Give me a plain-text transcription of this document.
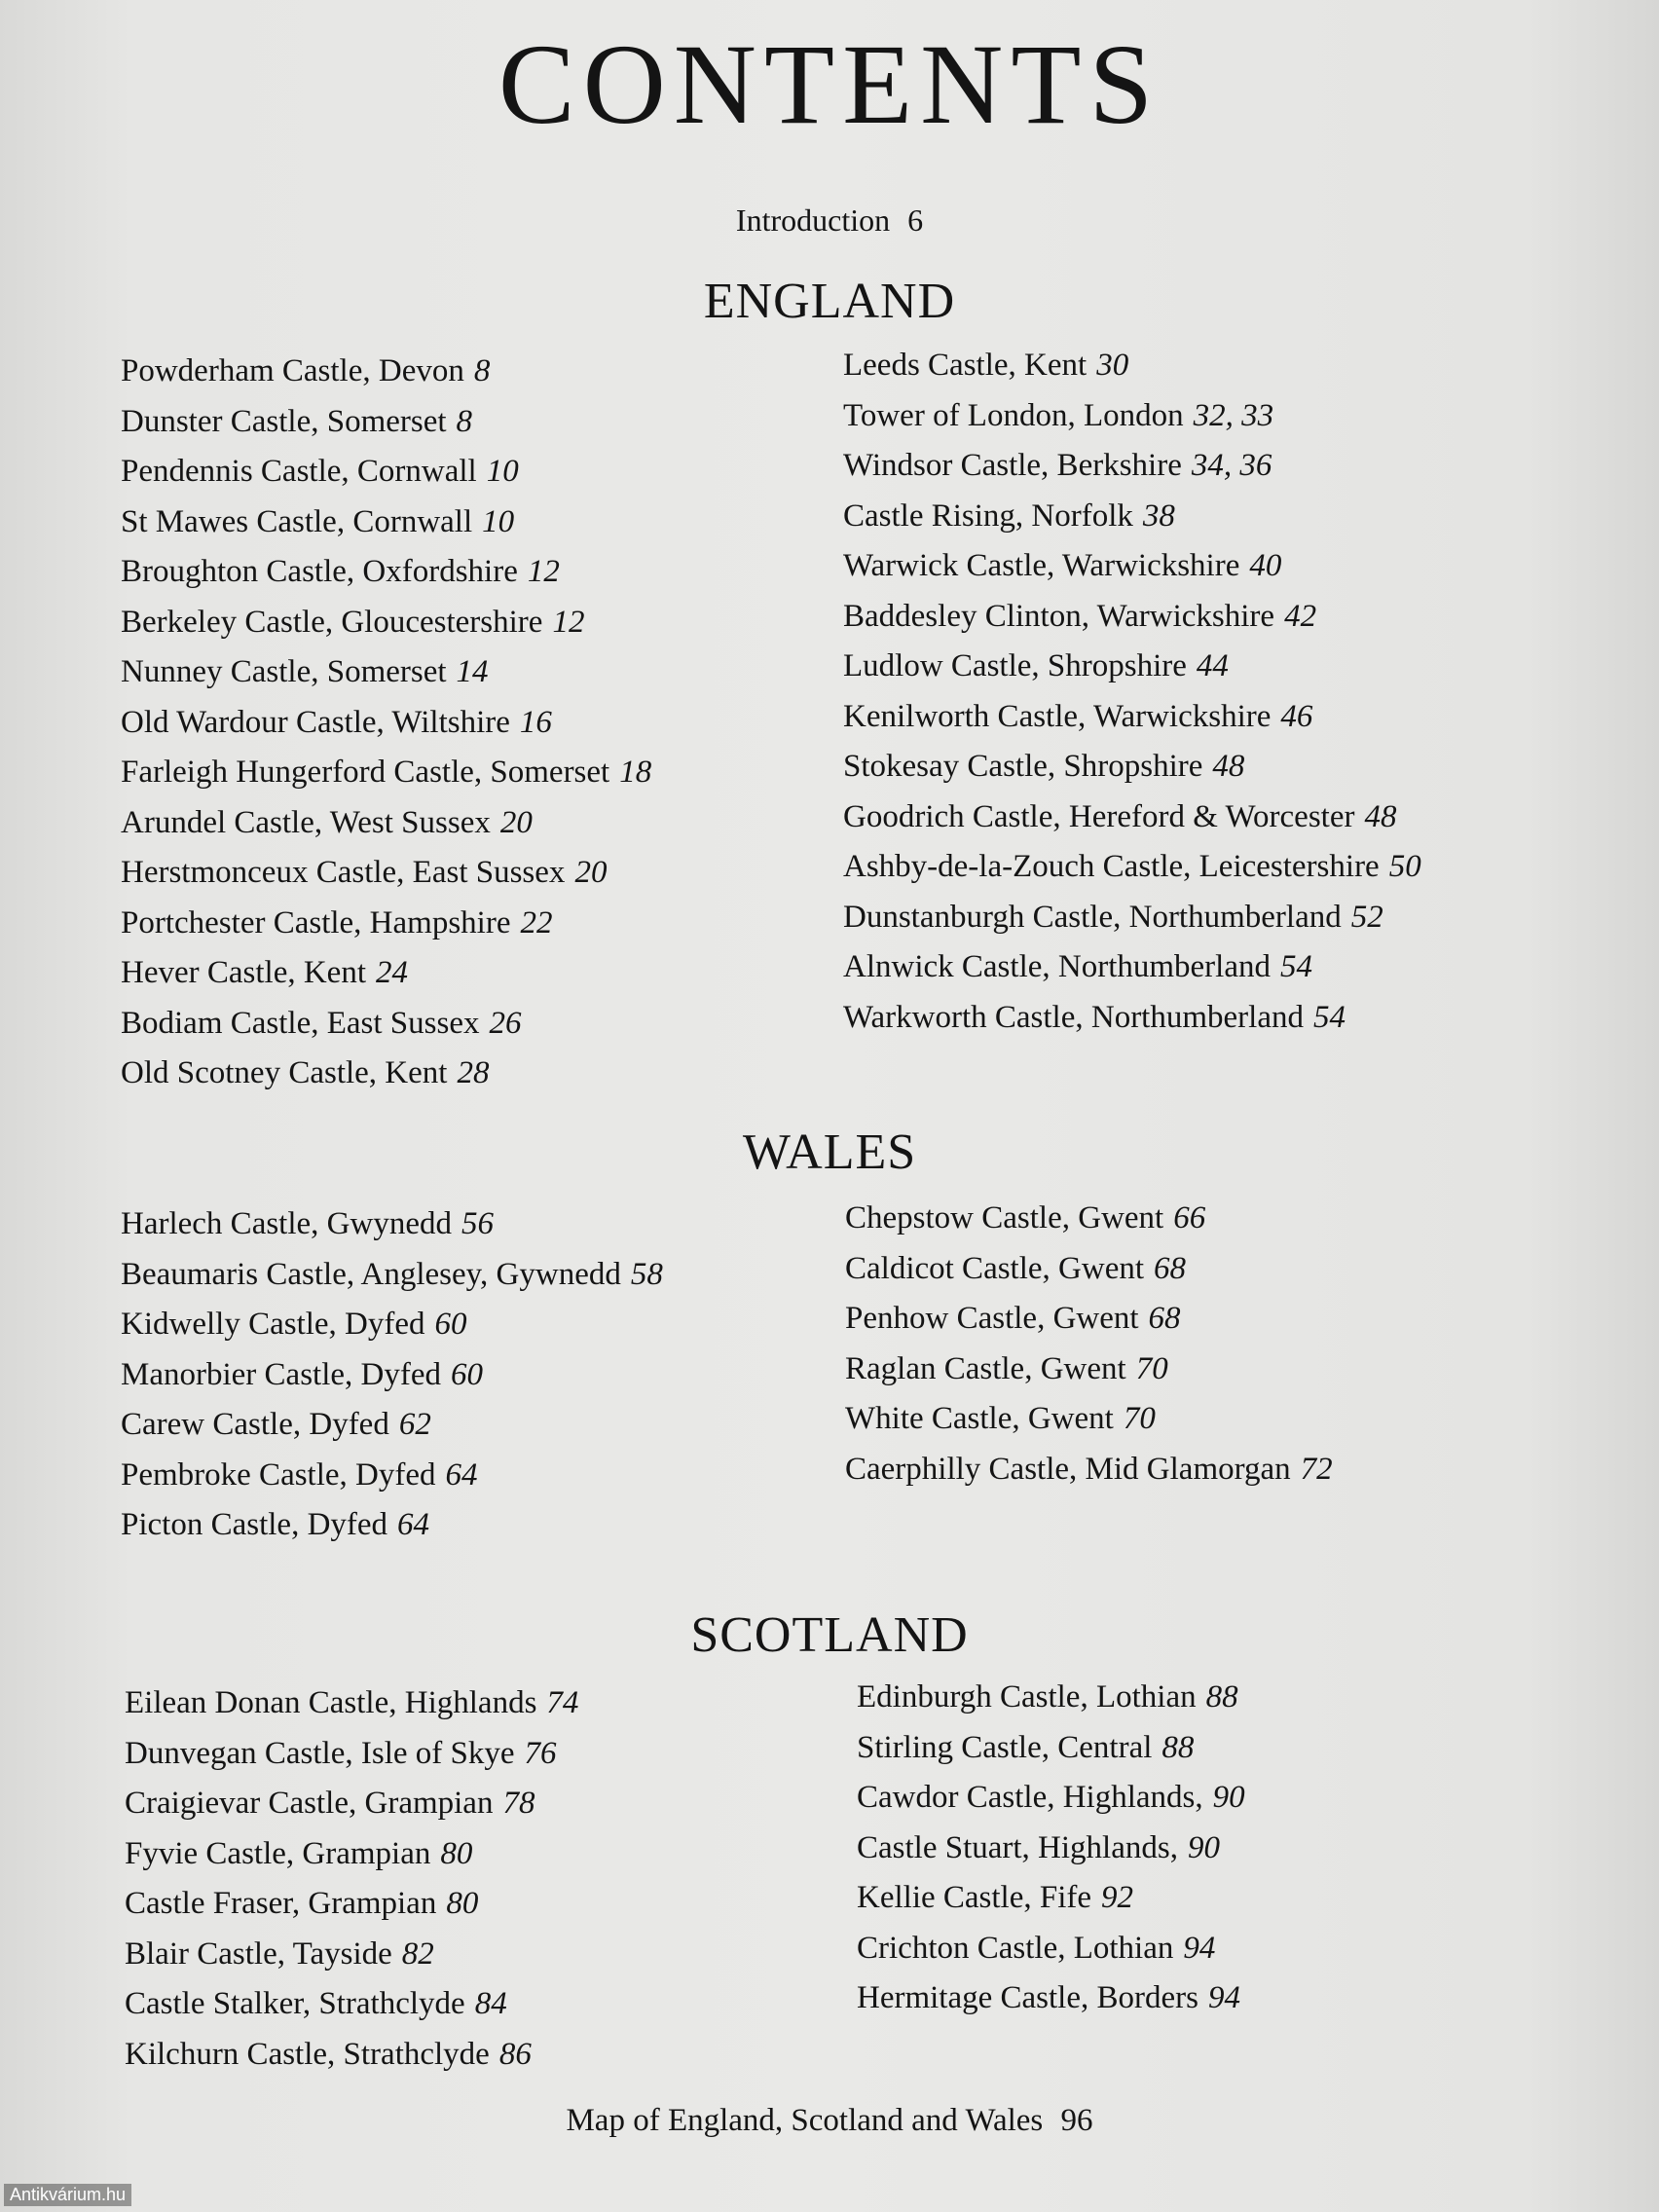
CONTENTS
Introduction 6
ENGLAND
Powderham Castle, Devon 8
Dunster Castle, Somerset 8
Pendennis Castle, Cornwall 10
St Mawes Castle, Cornwall 10
Broughton Castle, Oxfordshire 12
Berkeley Castle, Gloucestershire 12
Nunney Castle, Somerset 14
Old Wardour Castle, Wiltshire 16
Farleigh Hungerford Castle, Somerset 18
Arundel Castle, West Sussex 20
Herstmonceux Castle, East Sussex 20
Portchester Castle, Hampshire 22
Hever Castle, Kent 24
Bodiam Castle, East Sussex 26
Old Scotney Castle, Kent 28
Leeds Castle, Kent 30
Tower of London, London 32, 33
Windsor Castle, Berkshire 34, 36
Castle Rising, Norfolk 38
Warwick Castle, Warwickshire 40
Baddesley Clinton, Warwickshire 42
Ludlow Castle, Shropshire 44
Kenilworth Castle, Warwickshire 46
Stokesay Castle, Shropshire 48
Goodrich Castle, Hereford & Worcester 48
Ashby-de-la-Zouch Castle, Leicestershire 50
Dunstanburgh Castle, Northumberland 52
Alnwick Castle, Northumberland 54
Warkworth Castle, Northumberland 54
WALES
Harlech Castle, Gwynedd 56
Beaumaris Castle, Anglesey, Gywnedd 58
Kidwelly Castle, Dyfed 60
Manorbier Castle, Dyfed 60
Carew Castle, Dyfed 62
Pembroke Castle, Dyfed 64
Picton Castle, Dyfed 64
Chepstow Castle, Gwent 66
Caldicot Castle, Gwent 68
Penhow Castle, Gwent 68
Raglan Castle, Gwent 70
White Castle, Gwent 70
Caerphilly Castle, Mid Glamorgan 72
SCOTLAND
Eilean Donan Castle, Highlands 74
Dunvegan Castle, Isle of Skye 76
Craigievar Castle, Grampian 78
Fyvie Castle, Grampian 80
Castle Fraser, Grampian 80
Blair Castle, Tayside 82
Castle Stalker, Strathclyde 84
Kilchurn Castle, Strathclyde 86
Edinburgh Castle, Lothian 88
Stirling Castle, Central 88
Cawdor Castle, Highlands, 90
Castle Stuart, Highlands, 90
Kellie Castle, Fife 92
Crichton Castle, Lothian 94
Hermitage Castle, Borders 94
Map of England, Scotland and Wales 96
Antikvárium.hu
